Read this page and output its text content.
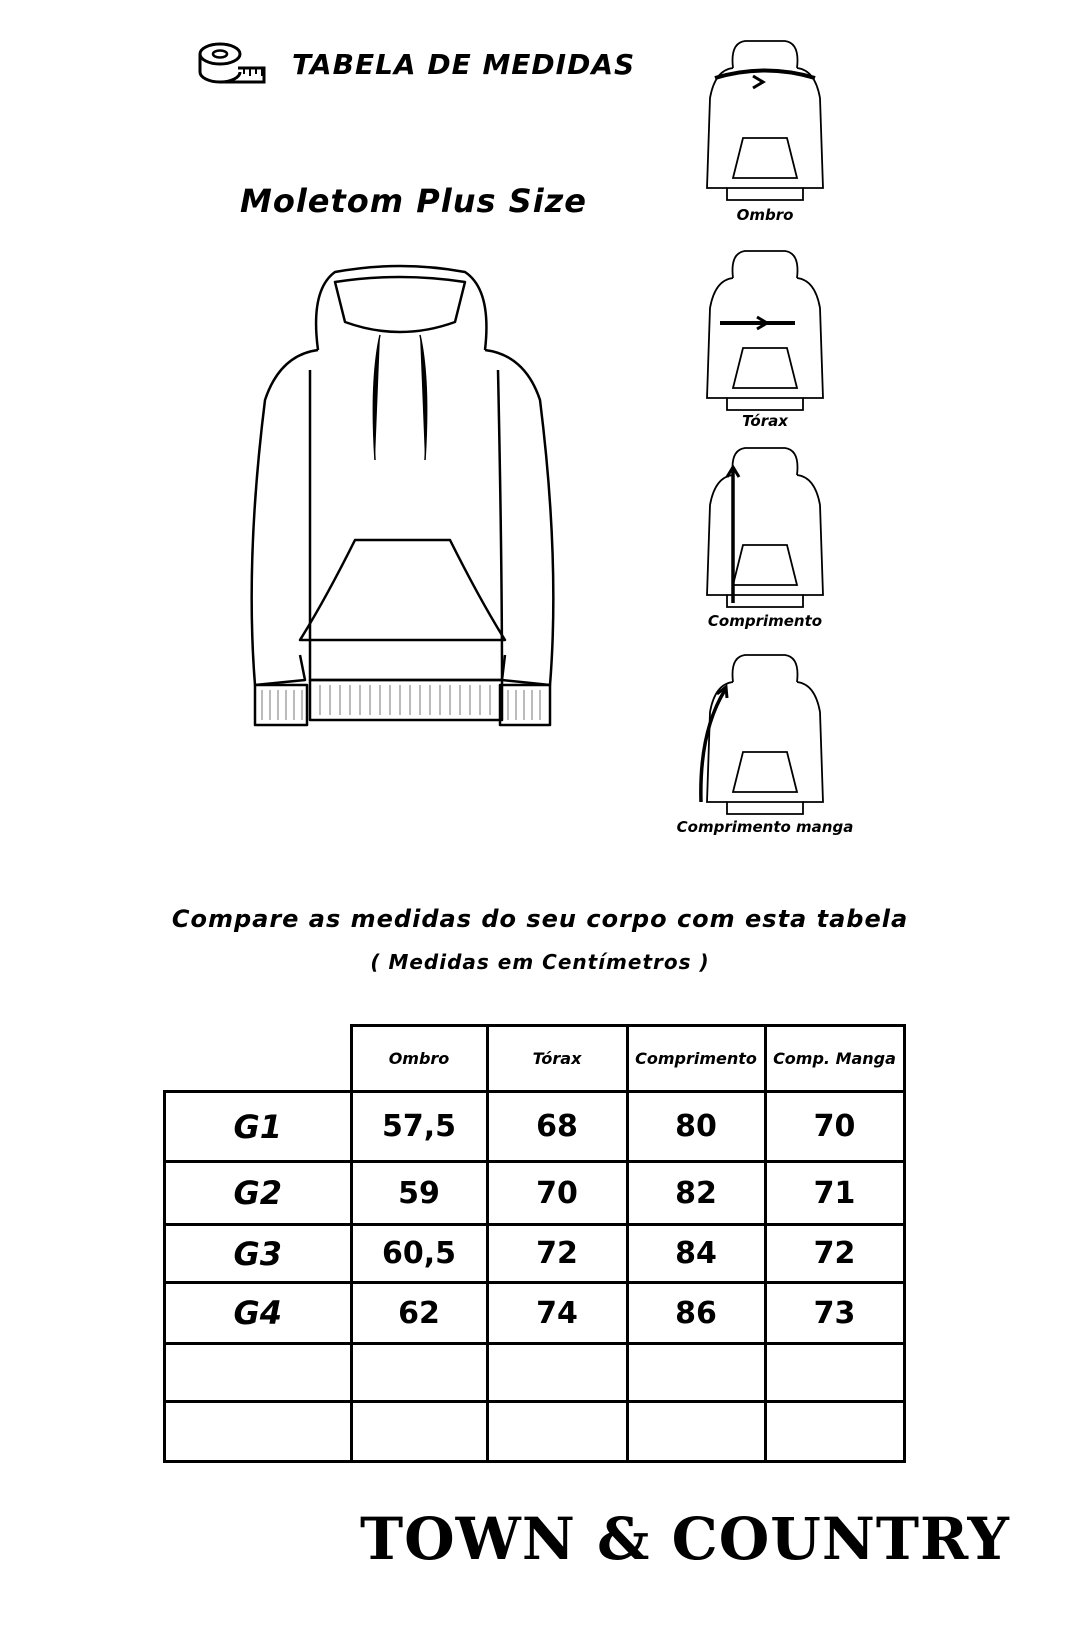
TABELA DE MEDIDAS
Moletom Plus Size	Ombro
Tórax
Comprimento
Comprimento manga
Compare as medidas do seu corpo com esta tabela
( Medidas em Centímetros )
	Ombro	Tórax	Comprimento	Comp. Manga
G1	57,5	68	80	70
G2	59	70	82	71
G3	60,5	72	84	72
G4	62	74	86	73

TOWN & COUNTRY
